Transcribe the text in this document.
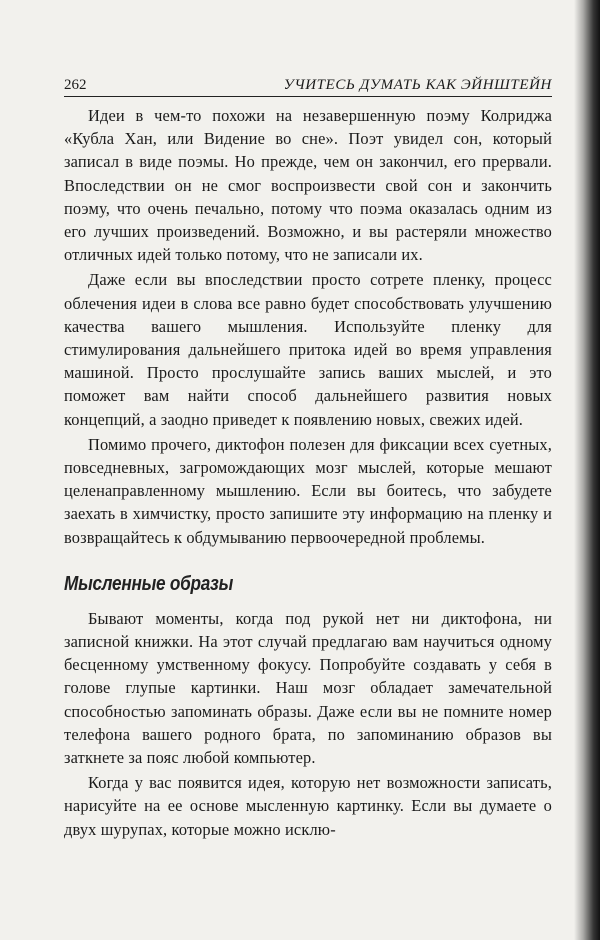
262	УЧИТЕСЬ ДУМАТЬ КАК ЭЙНШТЕЙН

Идеи в чем-то похожи на незавершенную поэму Колриджа «Кубла Хан, или Видение во сне». Поэт увидел сон, который записал в виде поэмы. Но прежде, чем он закончил, его прервали. Впоследствии он не смог воспроизвести свой сон и закончить поэму, что очень печально, потому что поэма оказалась одним из его лучших произведений. Возможно, и вы растеряли множество отличных идей только потому, что не записали их.

Даже если вы впоследствии просто сотрете пленку, процесс облечения идеи в слова все равно будет способствовать улучшению качества вашего мышления. Используйте пленку для стимулирования дальнейшего притока идей во время управления машиной. Просто прослушайте запись ваших мыслей, и это поможет вам найти способ дальнейшего развития новых концепций, а заодно приведет к появлению новых, свежих идей.

Помимо прочего, диктофон полезен для фиксации всех суетных, повседневных, загромождающих мозг мыслей, которые мешают целенаправленному мышлению. Если вы боитесь, что забудете заехать в химчистку, просто запишите эту информацию на пленку и возвращайтесь к обдумыванию первоочередной проблемы.

Мысленные образы

Бывают моменты, когда под рукой нет ни диктофона, ни записной книжки. На этот случай предлагаю вам научиться одному бесценному умственному фокусу. Попробуйте создавать у себя в голове глупые картинки. Наш мозг обладает замечательной способностью запоминать образы. Даже если вы не помните номер телефона вашего родного брата, по запоминанию образов вы заткнете за пояс любой компьютер.

Когда у вас появится идея, которую нет возможности записать, нарисуйте на ее основе мысленную картинку. Если вы думаете о двух шурупах, которые можно исклю-
